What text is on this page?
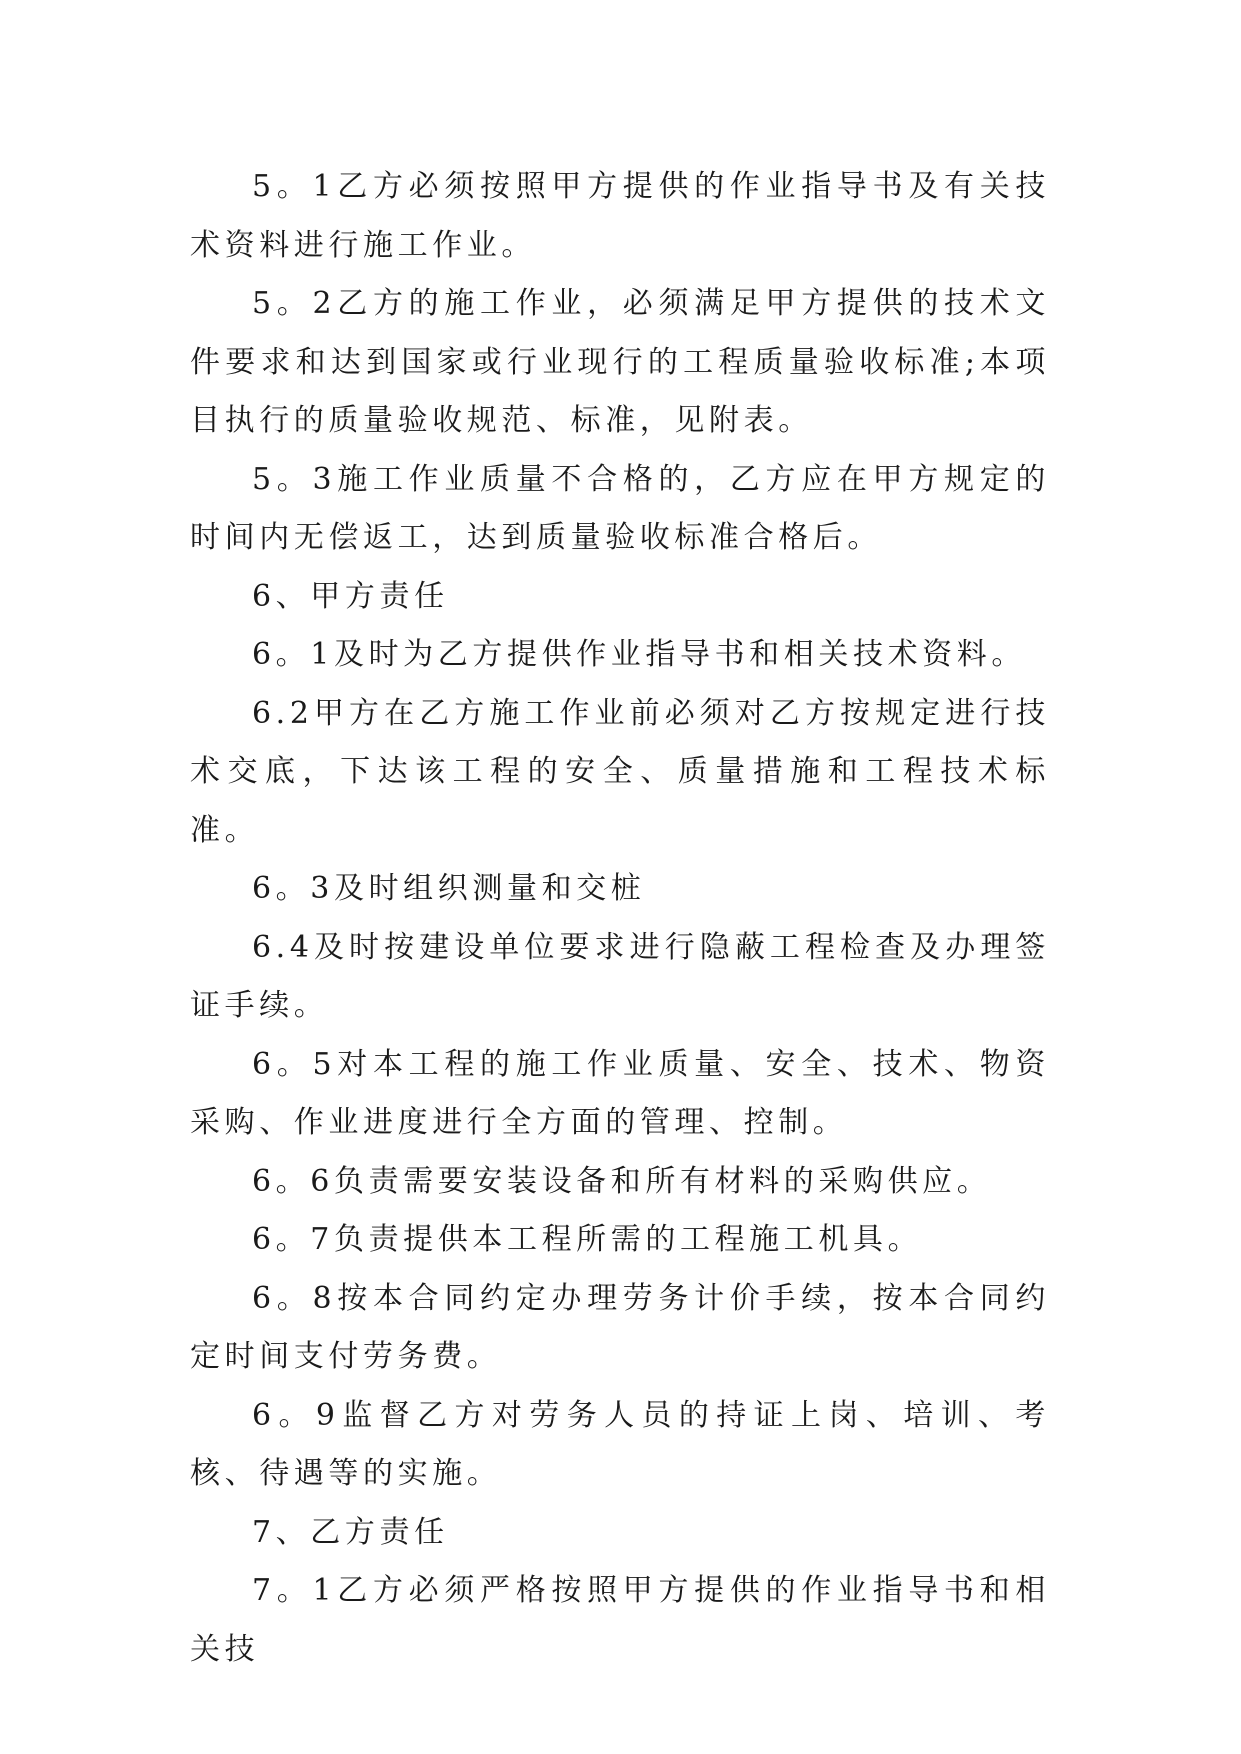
5。1乙方必须按照甲方提供的作业指导书及有关技术资料进行施工作业。

5。2乙方的施工作业，必须满足甲方提供的技术文件要求和达到国家或行业现行的工程质量验收标准;本项目执行的质量验收规范、标准，见附表。

5。3施工作业质量不合格的，乙方应在甲方规定的时间内无偿返工，达到质量验收标准合格后。

6、甲方责任

6。1及时为乙方提供作业指导书和相关技术资料。

6.2甲方在乙方施工作业前必须对乙方按规定进行技术交底，下达该工程的安全、质量措施和工程技术标准。

6。3及时组织测量和交桩

6.4及时按建设单位要求进行隐蔽工程检查及办理签证手续。

6。5对本工程的施工作业质量、安全、技术、物资采购、作业进度进行全方面的管理、控制。

6。6负责需要安装设备和所有材料的采购供应。

6。7负责提供本工程所需的工程施工机具。

6。8按本合同约定办理劳务计价手续，按本合同约定时间支付劳务费。

6。9监督乙方对劳务人员的持证上岗、培训、考核、待遇等的实施。

7、乙方责任

7。1乙方必须严格按照甲方提供的作业指导书和相关技
